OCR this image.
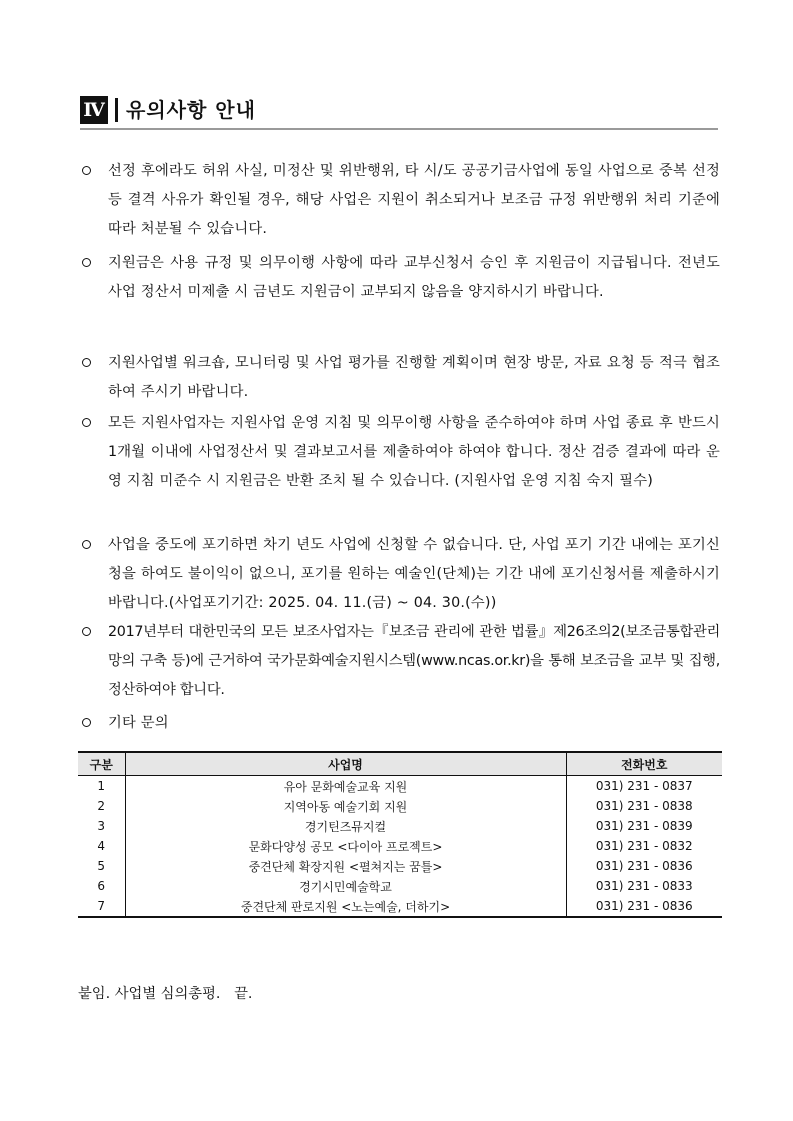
Ⅳ 유의사항 안내
선정 후에라도 허위 사실, 미정산 및 위반행위, 타 시/도 공공기금사업에 동일 사업으로 중복 선정 등 결격 사유가 확인될 경우, 해당 사업은 지원이 취소되거나 보조금 규정 위반행위 처리 기준에 따라 처분될 수 있습니다.
지원금은 사용 규정 및 의무이행 사항에 따라 교부신청서 승인 후 지원금이 지급됩니다. 전년도 사업 정산서 미제출 시 금년도 지원금이 교부되지 않음을 양지하시기 바랍니다.
지원사업별 워크숍, 모니터링 및 사업 평가를 진행할 계획이며 현장 방문, 자료 요청 등 적극 협조하여 주시기 바랍니다.
모든 지원사업자는 지원사업 운영 지침 및 의무이행 사항을 준수하여야 하며 사업 종료 후 반드시 1개월 이내에 사업정산서 및 결과보고서를 제출하여야 하여야 합니다. 정산 검증 결과에 따라 운영 지침 미준수 시 지원금은 반환 조치 될 수 있습니다. (지원사업 운영 지침 숙지 필수)
사업을 중도에 포기하면 차기 년도 사업에 신청할 수 없습니다. 단, 사업 포기 기간 내에는 포기신청을 하여도 불이익이 없으니, 포기를 원하는 예술인(단체)는 기간 내에 포기신청서를 제출하시기 바랍니다.(사업포기기간: 2025. 04. 11.(금) ~ 04. 30.(수))
2017년부터 대한민국의 모든 보조사업자는『보조금 관리에 관한 법률』제26조의2(보조금통합관리망의 구축 등)에 근거하여 국가문화예술지원시스템(www.ncas.or.kr)을 통해 보조금을 교부 및 집행, 정산하여야 합니다.
기타 문의
구분	사업명	전화번호
1	유아 문화예술교육 지원	031) 231 - 0837
2	지역아동 예술기회 지원	031) 231 - 0838
3	경기틴즈뮤지컬	031) 231 - 0839
4	문화다양성 공모 <다이아 프로젝트>	031) 231 - 0832
5	중견단체 확장지원 <펼쳐지는 꿈틀>	031) 231 - 0836
6	경기시민예술학교	031) 231 - 0833
7	중견단체 판로지원 <노는예술, 더하기>	031) 231 - 0836
붙임. 사업별 심의총평.   끝.
